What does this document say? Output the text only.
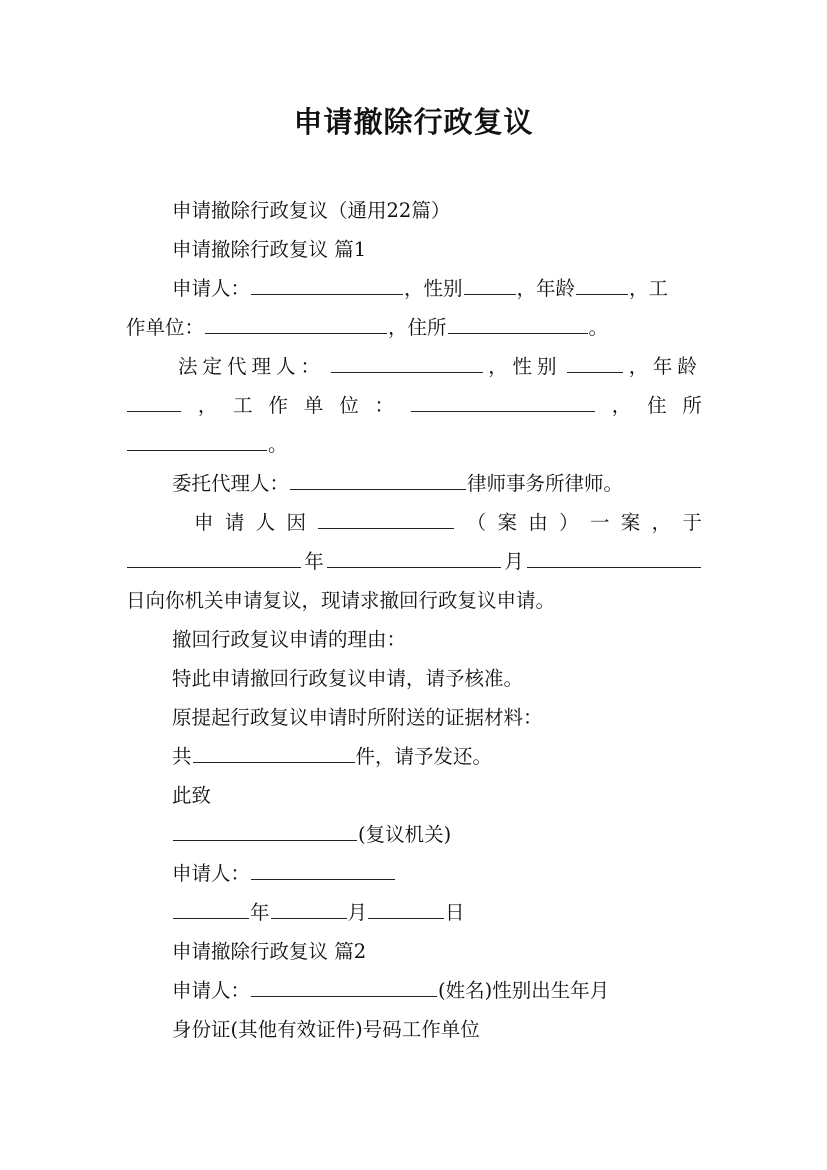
申请撤除行政复议
申请撤除行政复议（通用22篇）
申请撤除行政复议 篇1
申请人：	，性别	，年龄	，工
作单位：	，住所	。
法定代理人：	， 性别	， 年龄
， 工 作 单 位 ：	， 住 所
。
委托代理人：	律师事务所律师。
申 请 人 因	（ 案 由 ） 一 案 ， 于
年	月
日向你机关申请复议，现请求撤回行政复议申请。
撤回行政复议申请的理由：
特此申请撤回行政复议申请，请予核准。
原提起行政复议申请时所附送的证据材料：
共	件，请予发还。
此致
(复议机关)
申请人：
年	月	日
申请撤除行政复议 篇2
申请人：	(姓名)性别出生年月
身份证(其他有效证件)号码工作单位
